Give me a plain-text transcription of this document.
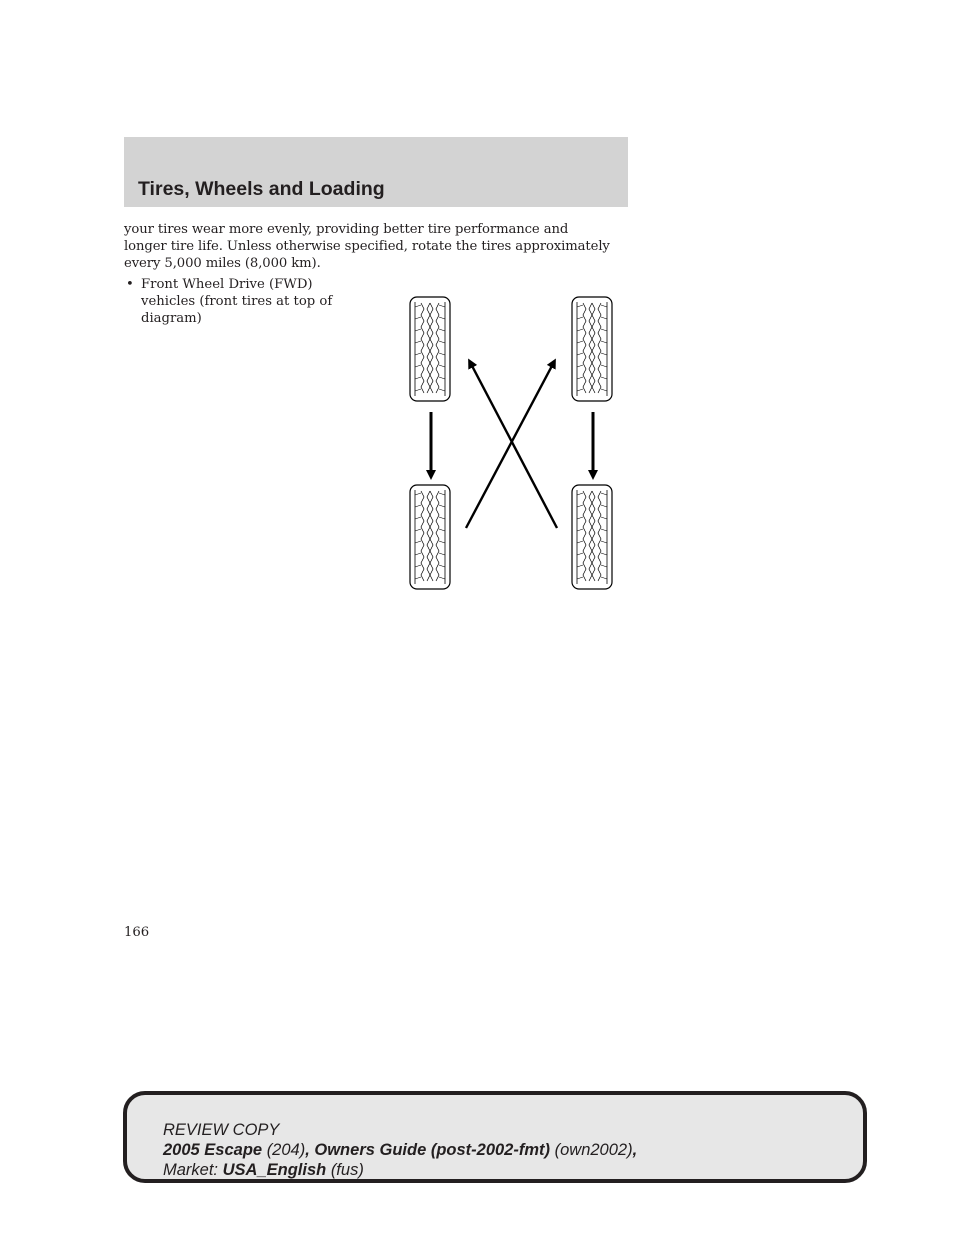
Tires, Wheels and Loading

your tires wear more evenly, providing better tire performance and
longer tire life. Unless otherwise specified, rotate the tires approximately
every 5,000 miles (8,000 km).

• Front Wheel Drive (FWD)
vehicles (front tires at top of
diagram)

166

REVIEW COPY
2005 Escape (204), Owners Guide (post-2002-fmt) (own2002),
Market: USA_English (fus)
